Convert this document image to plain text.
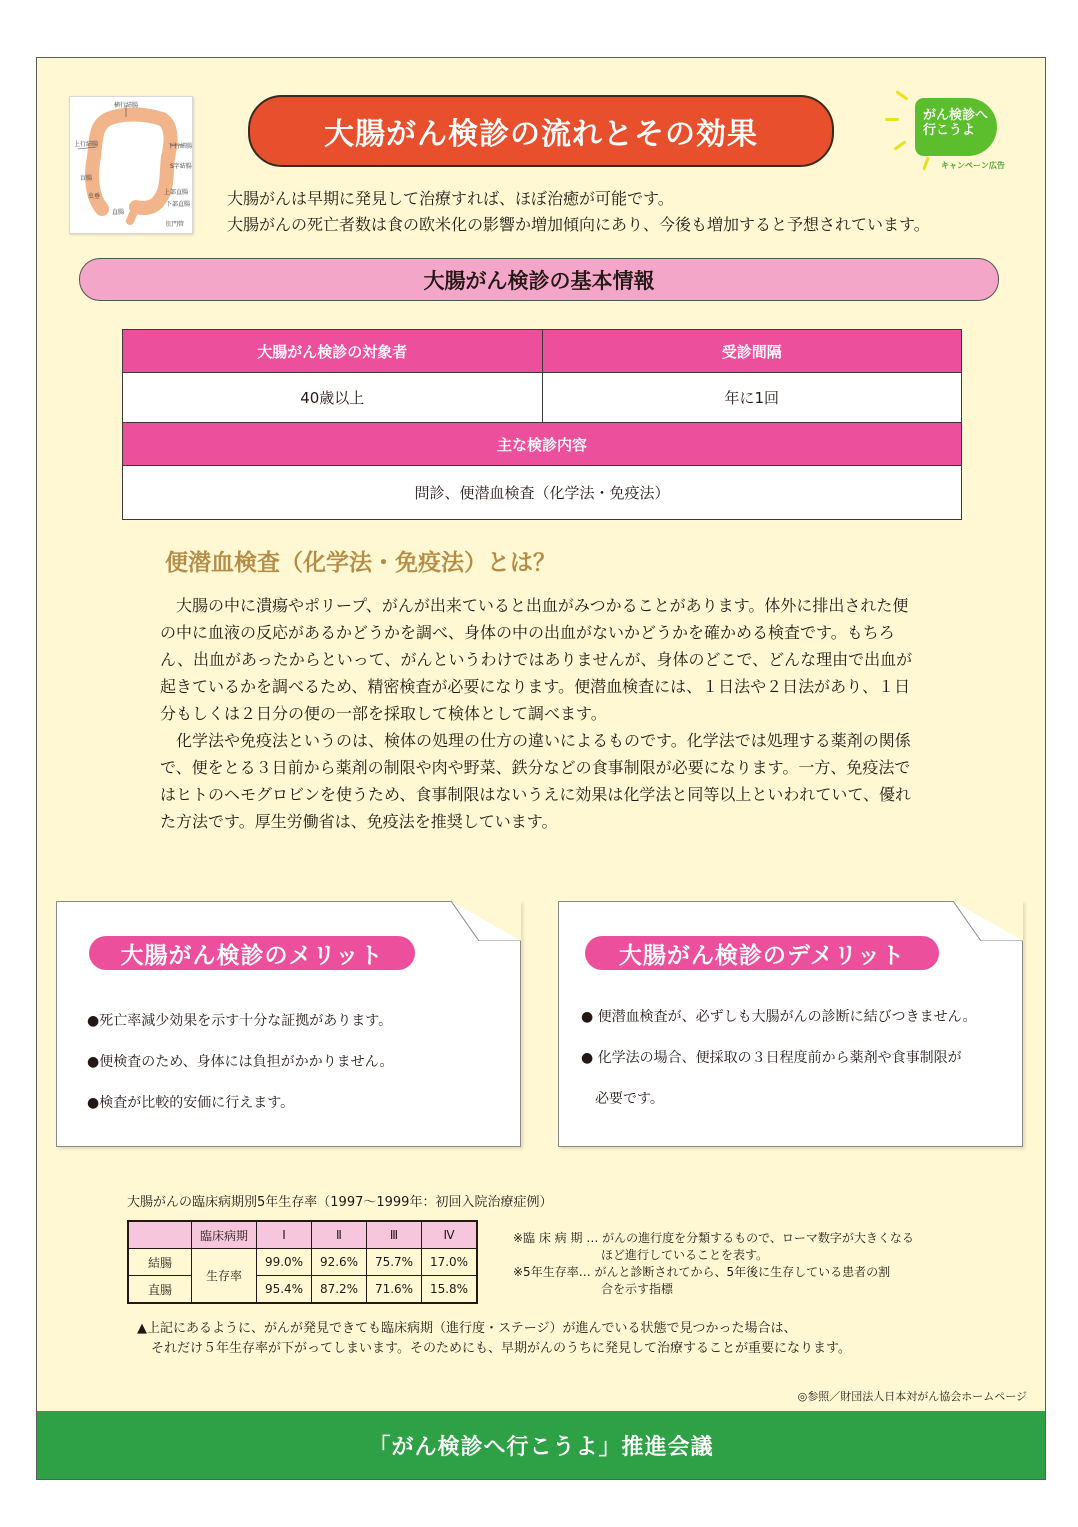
横行結腸
上行結腸	下行結腸
S字結腸
盲腸
虫垂
上部直腸
下部直腸
肛門管
直腸
大腸がん検診の流れとその効果
がん検診へ
行こうよ
キャンペーン広告
大腸がんは早期に発見して治療すれば、ほぼ治癒が可能です。
大腸がんの死亡者数は食の欧米化の影響か増加傾向にあり、今後も増加すると予想されています。
大腸がん検診の基本情報
大腸がん検診の対象者	受診間隔
40歳以上	年に1回
主な検診内容	
問診、便潜血検査（化学法・免疫法）	
便潜血検査（化学法・免疫法）とは？

大腸の中に潰瘍やポリープ、がんが出来ていると出血がみつかることがあります。体外に排出された便の中に血液の反応があるかどうかを調べ、身体の中の出血がないかどうかを確かめる検査です。もちろん、出血があったからといって、がんというわけではありませんが、身体のどこで、どんな理由で出血が起きているかを調べるため、精密検査が必要になります。便潜血検査には、１日法や２日法があり、１日分もしくは２日分の便の一部を採取して検体として調べます。

化学法や免疫法というのは、検体の処理の仕方の違いによるものです。化学法では処理する薬剤の関係で、便をとる３日前から薬剤の制限や肉や野菜、鉄分などの食事制限が必要になります。一方、免疫法ではヒトのヘモグロビンを使うため、食事制限はないうえに効果は化学法と同等以上といわれていて、優れた方法です。厚生労働省は、免疫法を推奨しています。

大腸がん検診のメリット
●死亡率減少効果を示す十分な証拠があります。
●便検査のため、身体には負担がかかりません。
●検査が比較的安価に行えます。
大腸がん検診のデメリット
● 便潜血検査が、必ずしも大腸がんの診断に結びつきません。
● 化学法の場合、便採取の３日程度前から薬剤や食事制限が
必要です。
大腸がんの臨床病期別5年生存率（1997〜1999年：初回入院治療症例）
	臨床病期	Ⅰ	Ⅱ	Ⅲ	Ⅳ
結腸	生存率	99.0%	92.6%	75.7%	17.0%
直腸		95.4%	87.2%	71.6%	15.8%
※臨 床 病 期 … がんの進行度を分類するもので、ローマ数字が大きくなる
ほど進行していることを表す。
※5年生存率… がんと診断されてから、5年後に生存している患者の割
合を示す指標
▲上記にあるように、がんが発見できても臨床病期（進行度・ステージ）が進んでいる状態で見つかった場合は、
それだけ５年生存率が下がってしまいます。そのためにも、早期がんのうちに発見して治療することが重要になります。
◎参照／財団法人日本対がん協会ホームページ
「がん検診へ行こうよ」推進会議
